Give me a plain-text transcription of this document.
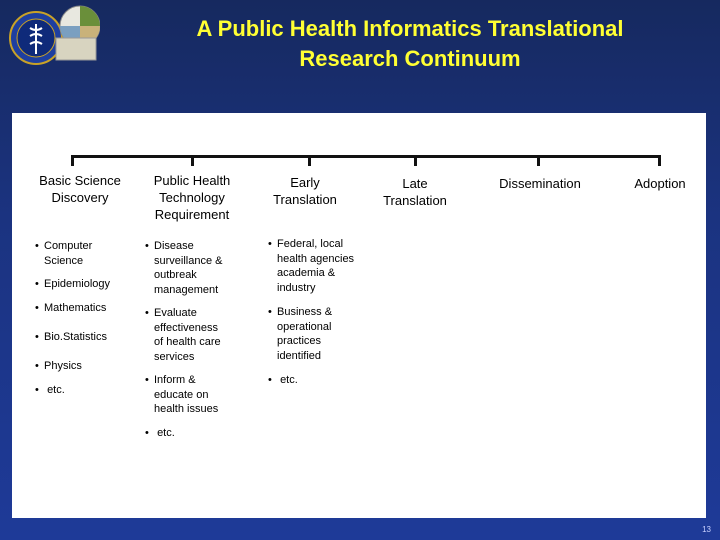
A Public Health Informatics Translational
Research Continuum
Basic Science
Discovery
Public Health
Technology
Requirement
Early
Translation
Late
Translation
Dissemination	Adoption
• Computer
Science
• Epidemiology
• Mathematics
• Bio.Statistics
• Physics
• etc.
• Disease
surveillance &
outbreak
management
• Evaluate
effectiveness
of health care
services
• Inform &
educate on
health issues
• etc.
• Federal, local
health agencies
academia &
industry
• Business &
operational
practices
identified
• etc.
13
